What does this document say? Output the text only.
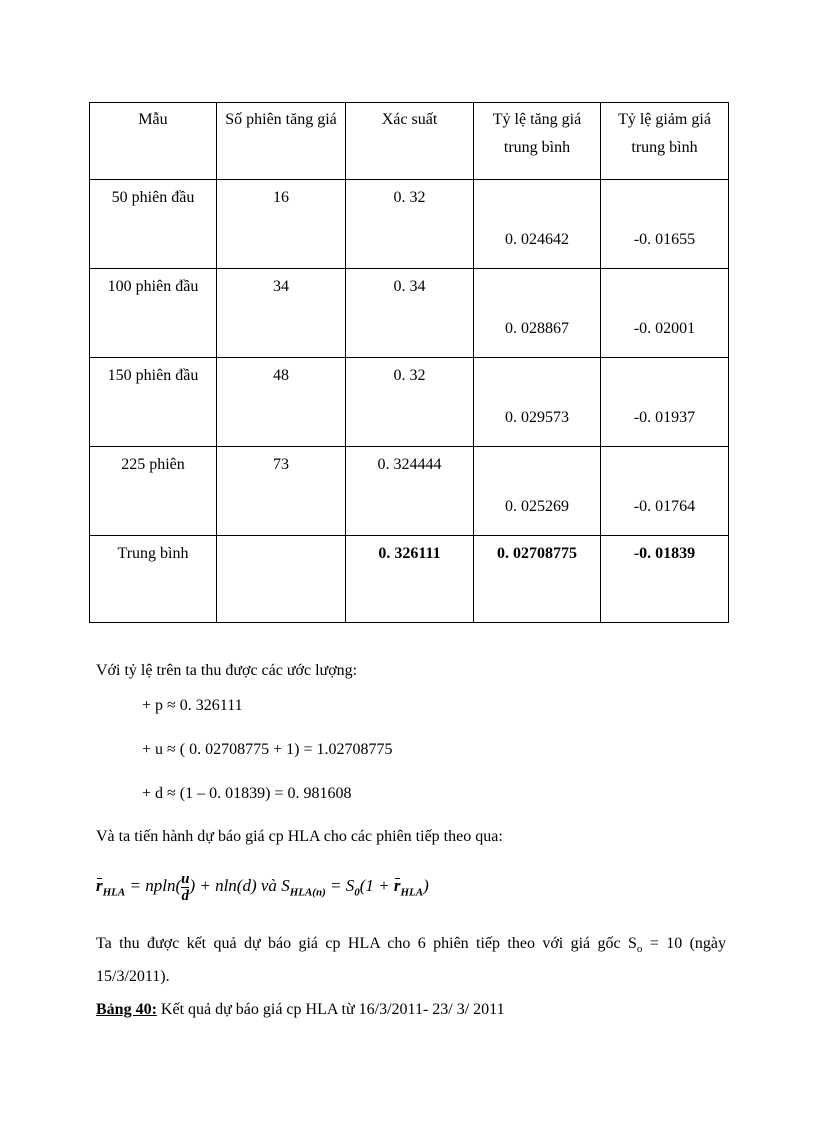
Mẫu	Số phiên tăng giá	Xác suất	Tỷ lệ tăng giá trung bình	Tỷ lệ giảm giá trung bình

50 phiên đầu	16	0. 32	0. 024642	-0. 01655

100 phiên đầu	34	0. 34	0. 028867	-0. 02001

150 phiên đầu	48	0. 32	0. 029573	-0. 01937

225 phiên	73	0. 324444	0. 025269	-0. 01764

Trung bình		0. 326111	0. 02708775	-0. 01839
Với tỷ lệ trên ta thu được các ước lượng:
+ p ≈ 0. 326111
+ u ≈ ( 0. 02708775 + 1) = 1.02708775
+ d ≈ (1 – 0. 01839) = 0. 981608
Và ta tiến hành dự báo giá cp HLA cho các phiên tiếp theo qua:
$r_{HLA} = npln( \frac{u}{d}$ ) + nln(d) và $S_{HLA(n)} = S_0(1 + r_{HLA})$
Ta thu được kết quả dự báo giá cp HLA cho 6 phiên tiếp theo với giá gốc $S_o = 10$ (ngày 15/3/2011).
Bảng 40: Kết quả dự báo giá cp HLA từ 16/3/2011- 23/ 3/ 2011
